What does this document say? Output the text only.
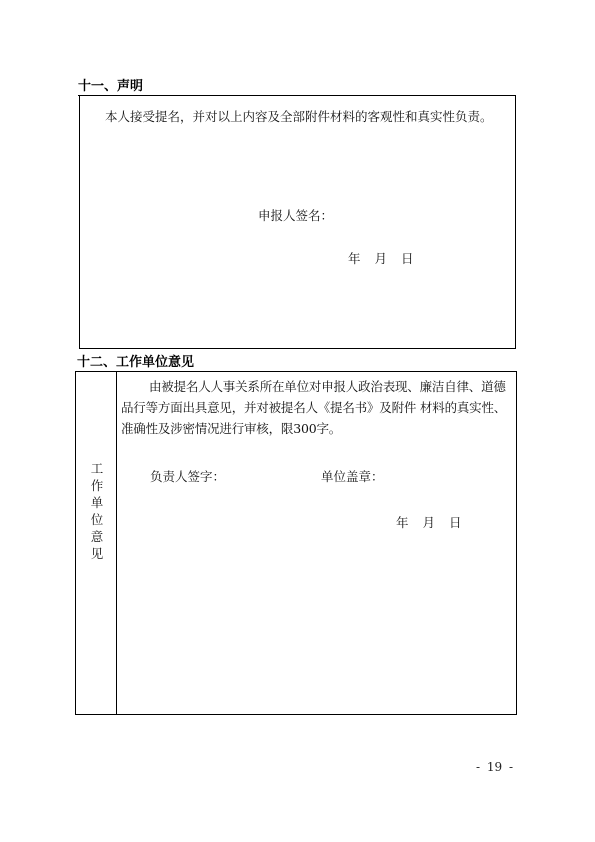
十一、声明
本人接受提名，并对以上内容及全部附件材料的客观性和真实性负责。
申报人签名：
年 月 日
十二、工作单位意见
工作单位意见
由被提名人人事关系所在单位对申报人政治表现、廉洁自律、道德品行等方面出具意见，并对被提名人《提名书》及附件 材料的真实性、准确性及涉密情况进行审核，限300字。
负责人签字：	单位盖章：
年 月 日
- 19 -
